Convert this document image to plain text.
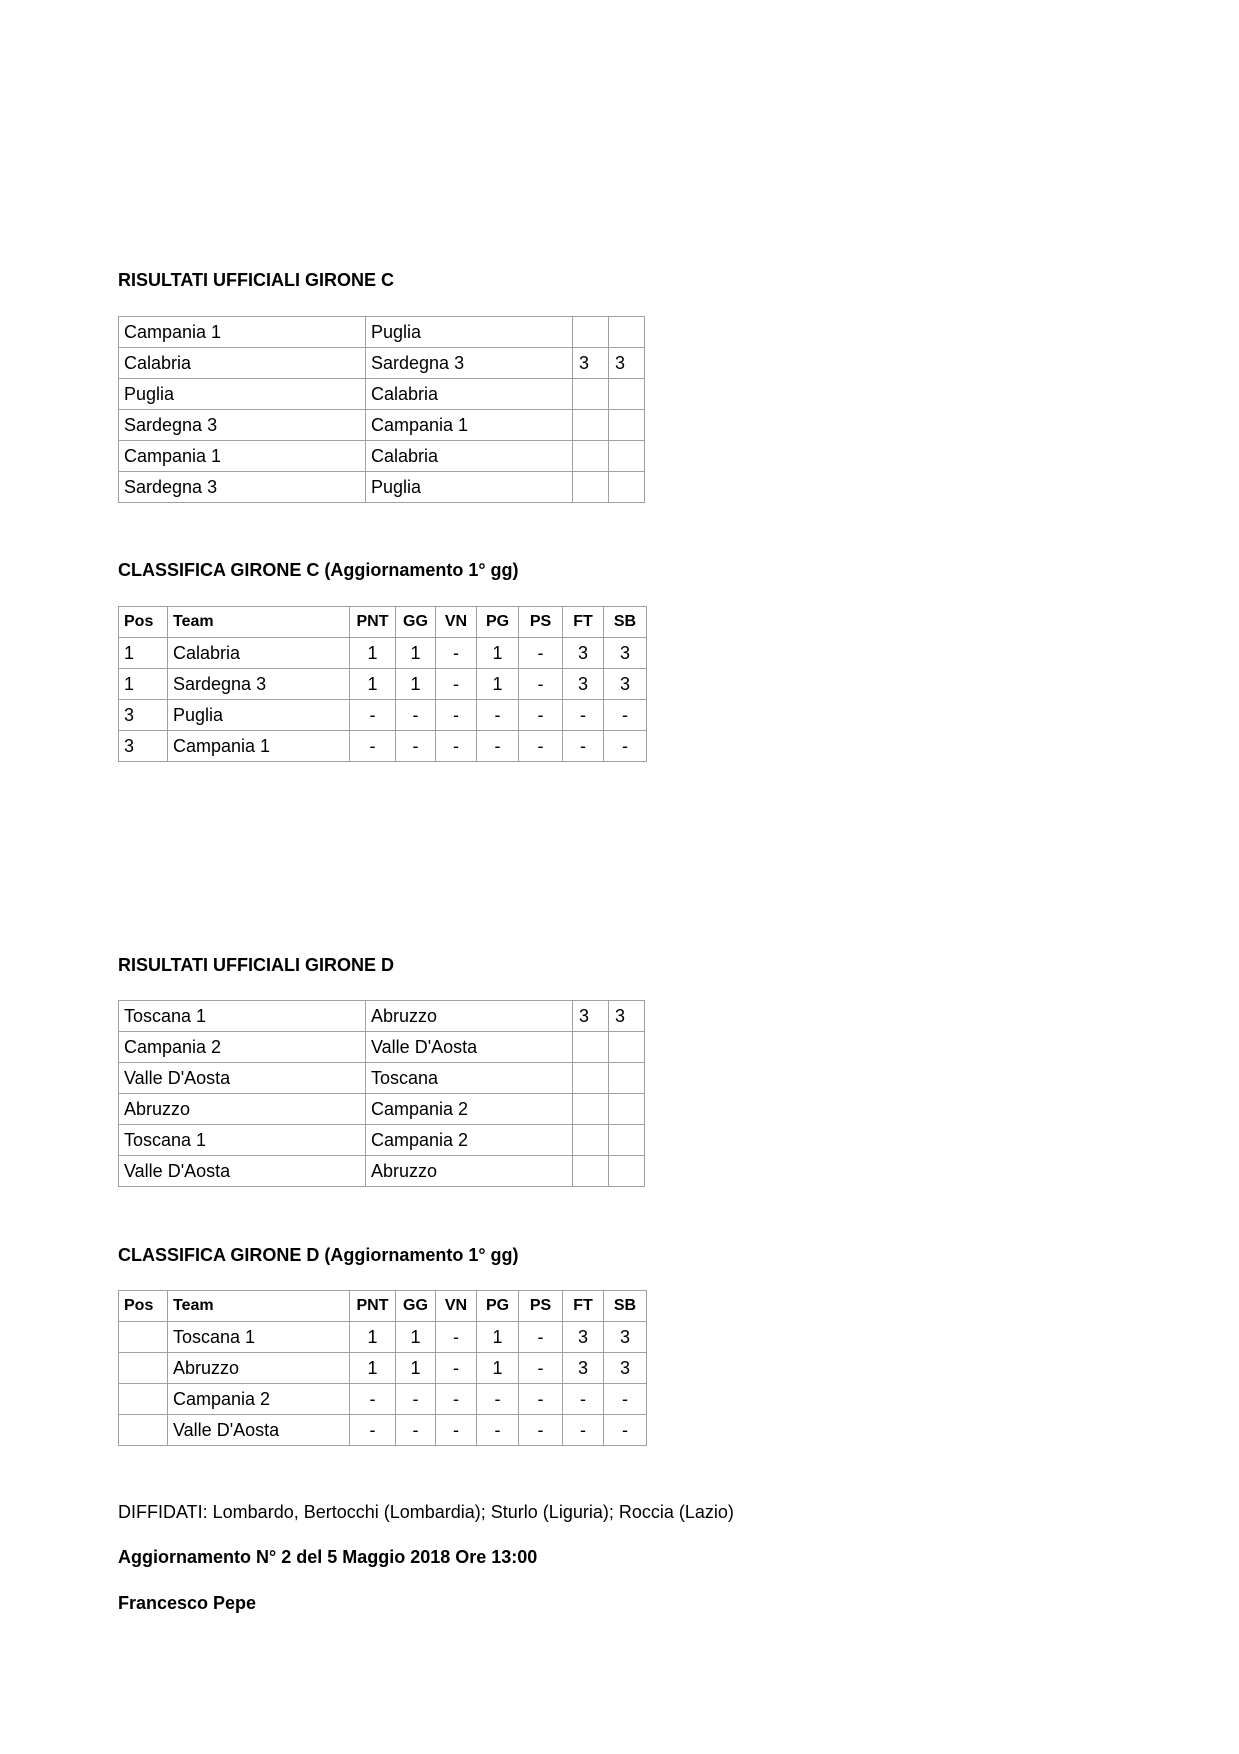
RISULTATI UFFICIALI GIRONE C
Campania 1	Puglia		
Calabria	Sardegna 3	3	3
Puglia	Calabria		
Sardegna 3	Campania 1		
Campania 1	Calabria		
Sardegna 3	Puglia		
CLASSIFICA GIRONE C (Aggiornamento 1° gg)
Pos	Team	PNT	GG	VN	PG	PS	FT	SB
1	Calabria	1	1	-	1	-	3	3
1	Sardegna 3	1	1	-	1	-	3	3
3	Puglia	-	-	-	-	-	-	-
3	Campania 1	-	-	-	-	-	-	-
RISULTATI UFFICIALI GIRONE D
Toscana 1	Abruzzo	3	3
Campania 2	Valle D'Aosta		
Valle D'Aosta	Toscana		
Abruzzo	Campania 2		
Toscana 1	Campania 2		
Valle D'Aosta	Abruzzo		
CLASSIFICA GIRONE D (Aggiornamento 1° gg)
Pos	Team	PNT	GG	VN	PG	PS	FT	SB
	Toscana 1	1	1	-	1	-	3	3
	Abruzzo	1	1	-	1	-	3	3
	Campania 2	-	-	-	-	-	-	-
	Valle D'Aosta	-	-	-	-	-	-	-

DIFFIDATI: Lombardo, Bertocchi (Lombardia); Sturlo (Liguria); Roccia (Lazio)

Aggiornamento N° 2 del 5 Maggio 2018 Ore 13:00

Francesco Pepe
